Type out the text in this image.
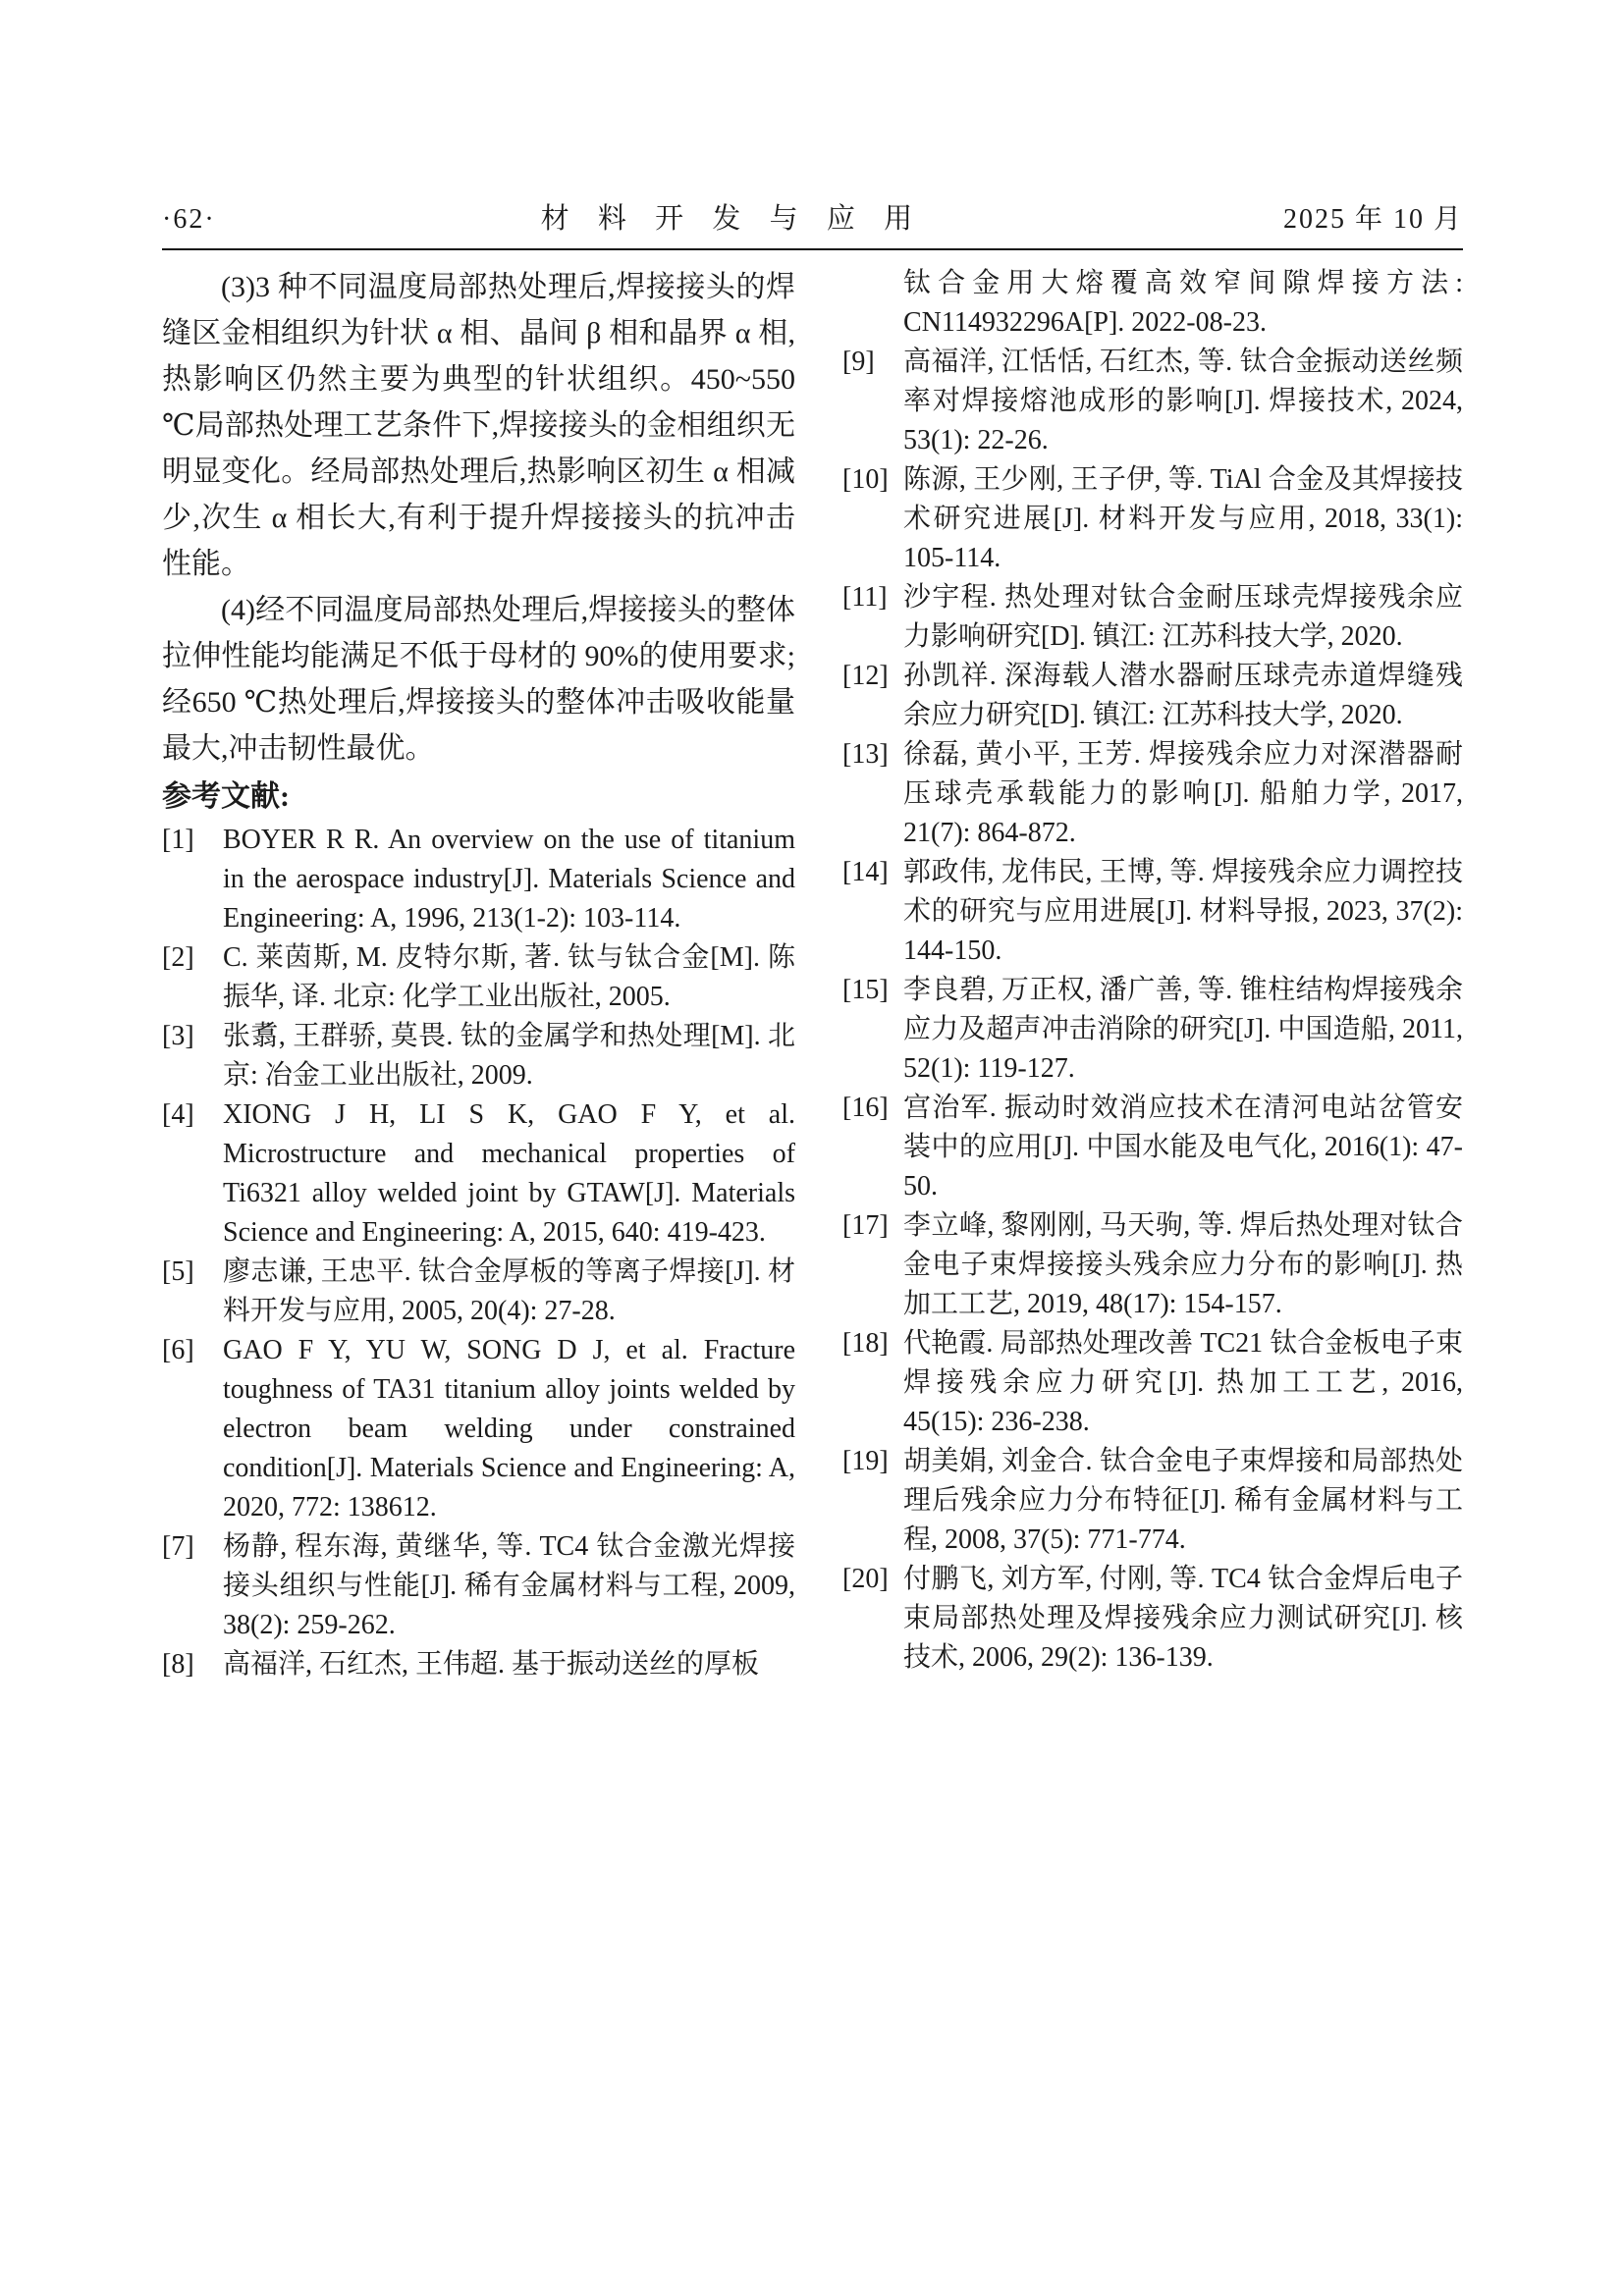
·62·	材 料 开 发 与 应 用	2025 年 10 月

(3)3 种不同温度局部热处理后,焊接接头的焊缝区金相组织为针状 α 相、晶间 β 相和晶界 α 相,热影响区仍然主要为典型的针状组织。450~550 ℃局部热处理工艺条件下,焊接接头的金相组织无明显变化。经局部热处理后,热影响区初生 α 相减少,次生 α 相长大,有利于提升焊接接头的抗冲击性能。

(4)经不同温度局部热处理后,焊接接头的整体拉伸性能均能满足不低于母材的 90%的使用要求;经650 ℃热处理后,焊接接头的整体冲击吸收能量最大,冲击韧性最优。

参考文献:
[1]	BOYER R R. An overview on the use of titanium in the aerospace industry[J]. Materials Science and Engineering: A, 1996, 213(1-2): 103-114.
[2]	C. 莱茵斯, M. 皮特尔斯, 著. 钛与钛合金[M]. 陈振华, 译. 北京: 化学工业出版社, 2005.
[3]	张翥, 王群骄, 莫畏. 钛的金属学和热处理[M]. 北京: 冶金工业出版社, 2009.
[4]	XIONG J H, LI S K, GAO F Y, et al. Microstructure and mechanical properties of Ti6321 alloy welded joint by GTAW[J]. Materials Science and Engineering: A, 2015, 640: 419-423.
[5]	廖志谦, 王忠平. 钛合金厚板的等离子焊接[J]. 材料开发与应用, 2005, 20(4): 27-28.
[6]	GAO F Y, YU W, SONG D J, et al. Fracture toughness of TA31 titanium alloy joints welded by electron beam welding under constrained condition[J]. Materials Science and Engineering: A, 2020, 772: 138612.
[7]	杨静, 程东海, 黄继华, 等. TC4 钛合金激光焊接接头组织与性能[J]. 稀有金属材料与工程, 2009, 38(2): 259-262.
[8]	高福洋, 石红杰, 王伟超. 基于振动送丝的厚板
钛合金用大熔覆高效窄间隙焊接方法: CN114932296A[P]. 2022-08-23.
[9]	高福洋, 江恬恬, 石红杰, 等. 钛合金振动送丝频率对焊接熔池成形的影响[J]. 焊接技术, 2024, 53(1): 22-26.
[10] 陈源, 王少刚, 王子伊, 等. TiAl 合金及其焊接技术研究进展[J]. 材料开发与应用, 2018, 33(1): 105-114.
[11] 沙宇程. 热处理对钛合金耐压球壳焊接残余应力影响研究[D]. 镇江: 江苏科技大学, 2020.
[12] 孙凯祥. 深海载人潜水器耐压球壳赤道焊缝残余应力研究[D]. 镇江: 江苏科技大学, 2020.
[13] 徐磊, 黄小平, 王芳. 焊接残余应力对深潜器耐压球壳承载能力的影响[J]. 船舶力学, 2017, 21(7): 864-872.
[14] 郭政伟, 龙伟民, 王博, 等. 焊接残余应力调控技术的研究与应用进展[J]. 材料导报, 2023, 37(2): 144-150.
[15] 李良碧, 万正权, 潘广善, 等. 锥柱结构焊接残余应力及超声冲击消除的研究[J]. 中国造船, 2011, 52(1): 119-127.
[16] 宫治军. 振动时效消应技术在清河电站岔管安装中的应用[J]. 中国水能及电气化, 2016(1): 47-50.
[17] 李立峰, 黎刚刚, 马天驹, 等. 焊后热处理对钛合金电子束焊接接头残余应力分布的影响[J]. 热加工工艺, 2019, 48(17): 154-157.
[18] 代艳霞. 局部热处理改善 TC21 钛合金板电子束焊接残余应力研究[J]. 热加工工艺, 2016, 45(15): 236-238.
[19] 胡美娟, 刘金合. 钛合金电子束焊接和局部热处理后残余应力分布特征[J]. 稀有金属材料与工程, 2008, 37(5): 771-774.
[20] 付鹏飞, 刘方军, 付刚, 等. TC4 钛合金焊后电子束局部热处理及焊接残余应力测试研究[J]. 核技术, 2006, 29(2): 136-139.
